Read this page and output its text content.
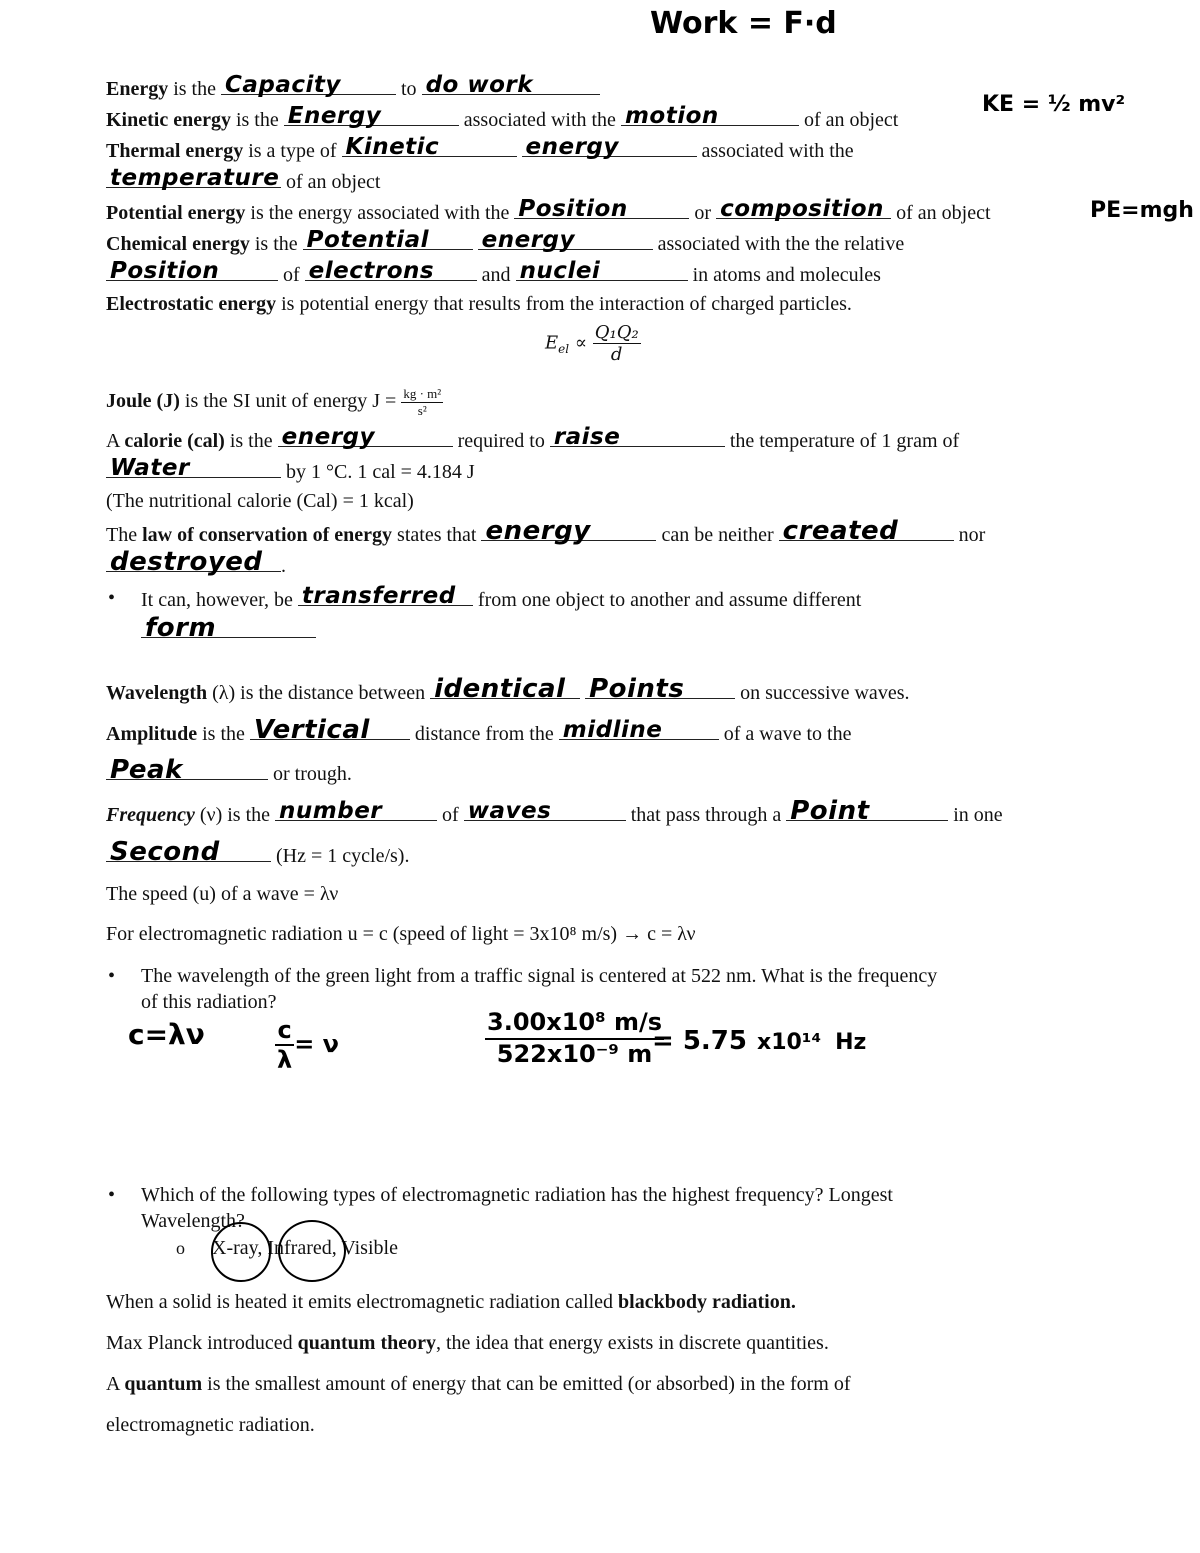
Work = F·d
Energy is the Capacity	to do work
Kinetic energy is the Energy	associated with the motion	of an object
KE = ½ mv²
Thermal energy is a type of Kinetic
	energy	associated with the
temperature of an object
Potential energy is the energy associated with the Position	or composition of an object	PE=mgh
Chemical energy is the Potential
energy	associated with the the relative
Position	of electrons and nuclei	in atoms and molecules
Electrostatic energy is potential energy that results from the interaction of charged particles.
$E_{el} \propto \frac{\text{Q₁Q₂}}{d}$
Joule (J) is the SI unit of energy $J = \frac{\text{kg · m²}}{\text{s²}}$
A calorie (cal) is the energy	required to raise	the temperature of 1 gram of
Water	by 1 °C. 1 cal = 4.184 J
(The nutritional calorie (Cal) = 1 kcal)
The law of conservation of energy states that energy	can be neither created	nor
destroyed .
• It can, however, be transferred from one object to another and assume different
form
Wavelength (λ) is the distance between identical
Points	on successive waves.
Amplitude is the Vertical distance from the midline	of a wave to the
Peak	or trough.
Frequency (ν) is the number	of waves	that pass through a Point	in one
Second	(Hz = 1 cycle/s).
The speed (u) of a wave = λν
For electromagnetic radiation u = c (speed of light = 3x10⁸ m/s) → c = λν
• The wavelength of the green light from a traffic signal is centered at 522 nm. What is the frequency
of this radiation?
c=λν	$\frac{c}{\lambda} = \nu$	$\frac{\text{3.00x10⁸ m/s}}{\text{522x10⁻⁹ m}}$
= 5.75 x10¹⁴ Hz
• Which of the following types of electromagnetic radiation has the highest frequency? Longest
Wavelength?
o X-ray, Infrared, Visible
When a solid is heated it emits electromagnetic radiation called blackbody radiation.
Max Planck introduced quantum theory, the idea that energy exists in discrete quantities.
A quantum is the smallest amount of energy that can be emitted (or absorbed) in the form of
electromagnetic radiation.
